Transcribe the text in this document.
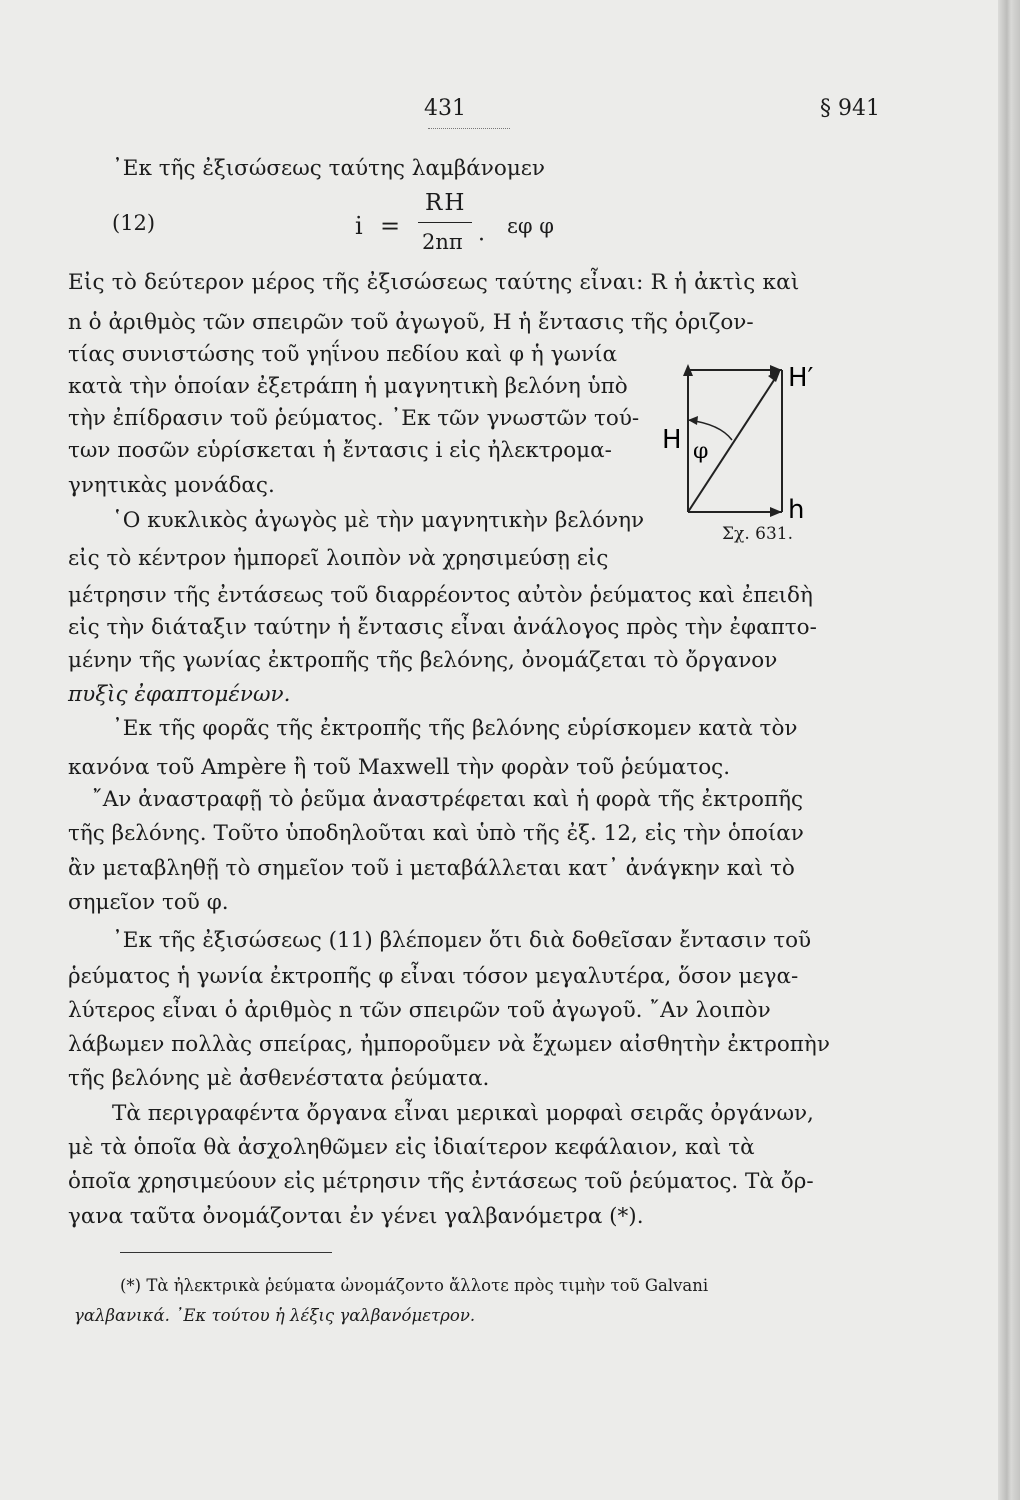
431	§ 941
᾽Εκ τῆς ἐξισώσεως ταύτης λαμβάνομεν
(12)	i =
RH
2nπ ·
εφ φ
Εἰς τὸ δεύτερον μέρος τῆς ἐξισώσεως ταύτης εἶναι: R ἡ ἀκτὶς καὶ
n ὁ ἀριθμὸς τῶν σπειρῶν τοῦ ἀγωγοῦ, H ἡ ἔντασις τῆς ὁριζον-
τίας συνιστώσης τοῦ γηΐνου πεδίου καὶ φ ἡ γωνία
κατὰ τὴν ὁποίαν ἐξετράπη ἡ μαγνητικὴ βελόνη ὑπὸ
τὴν ἐπίδρασιν τοῦ ῥεύματος. ᾽Εκ τῶν γνωστῶν τού-
των ποσῶν εὑρίσκεται ἡ ἔντασις i εἰς ἠλεκτρομα-
γνητικὰς μονάδας.
῾Ο κυκλικὸς ἀγωγὸς μὲ τὴν μαγνητικὴν βελόνην
εἰς τὸ κέντρον ἠμπορεῖ λοιπὸν νὰ χρησιμεύσῃ εἰς
μέτρησιν τῆς ἐντάσεως τοῦ διαρρέοντος αὐτὸν ῥεύματος καὶ ἐπειδὴ
εἰς τὴν διάταξιν ταύτην ἡ ἔντασις εἶναι ἀνάλογος πρὸς τὴν ἐφαπτο-
μένην τῆς γωνίας ἐκτροπῆς τῆς βελόνης, ὀνομάζεται τὸ ὄργανον
πυξὶς ἐφαπτομένων.
᾽Εκ τῆς φορᾶς τῆς ἐκτροπῆς τῆς βελόνης εὑρίσκομεν κατὰ τὸν
κανόνα τοῦ Ampère ἢ τοῦ Maxwell τὴν φορὰν τοῦ ῥεύματος.
῎Αν ἀναστραφῇ τὸ ῥεῦμα ἀναστρέφεται καὶ ἡ φορὰ τῆς ἐκτροπῆς
τῆς βελόνης. Τοῦτο ὑποδηλοῦται καὶ ὑπὸ τῆς ἐξ. 12, εἰς τὴν ὁποίαν
ἂν μεταβληθῇ τὸ σημεῖον τοῦ i μεταβάλλεται κατ᾽ ἀνάγκην καὶ τὸ
σημεῖον τοῦ φ.
᾽Εκ τῆς ἐξισώσεως (11) βλέπομεν ὅτι διὰ δοθεῖσαν ἔντασιν τοῦ
ῥεύματος ἡ γωνία ἐκτροπῆς φ εἶναι τόσον μεγαλυτέρα, ὅσον μεγα-
λύτερος εἶναι ὁ ἀριθμὸς n τῶν σπειρῶν τοῦ ἀγωγοῦ. ῎Αν λοιπὸν
λάβωμεν πολλὰς σπείρας, ἠμποροῦμεν νὰ ἔχωμεν αἰσθητὴν ἐκτροπὴν
τῆς βελόνης μὲ ἀσθενέστατα ῥεύματα.
Τὰ περιγραφέντα ὄργανα εἶναι μερικαὶ μορφαὶ σειρᾶς ὀργάνων,
μὲ τὰ ὁποῖα θὰ ἀσχοληθῶμεν εἰς ἰδιαίτερον κεφάλαιον, καὶ τὰ
ὁποῖα χρησιμεύουν εἰς μέτρησιν τῆς ἐντάσεως τοῦ ῥεύματος. Τὰ ὄρ-
γανα ταῦτα ὀνομάζονται ἐν γένει γαλβανόμετρα (*).
H′
H φ
h
Σχ. 631.
(*) Τὰ ἠλεκτρικὰ ῥεύματα ὠνομάζοντο ἄλλοτε πρὸς τιμὴν τοῦ Galvani
γαλβανικά. ᾽Εκ τούτου ἡ λέξις γαλβανόμετρον.
